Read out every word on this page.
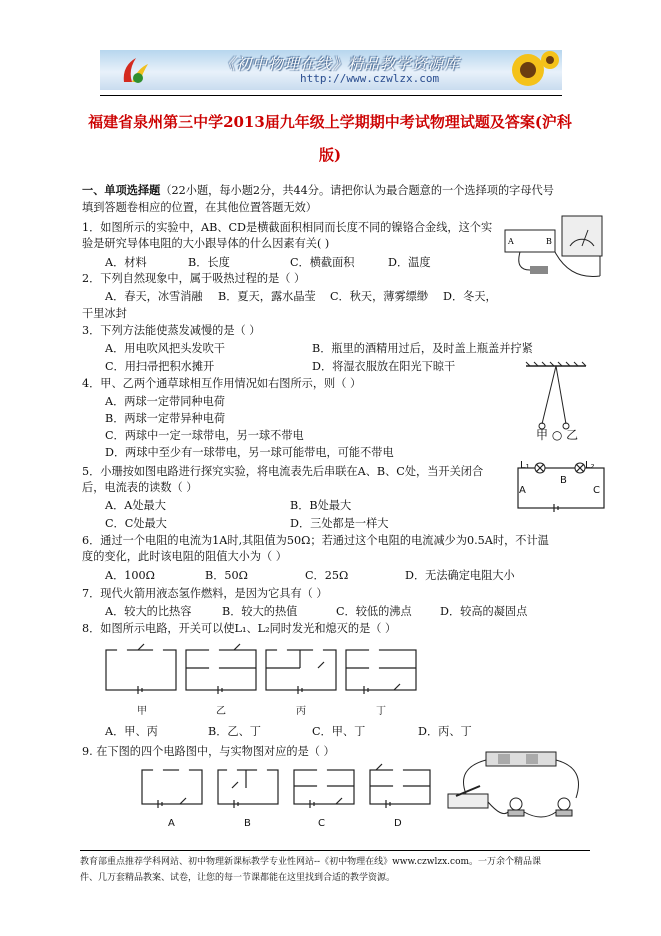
《初中物理在线》精品教学资源库
http://www.czwlzx.com
福建省泉州第三中学2013届九年级上学期期中考试物理试题及答案(沪科
版)
一、单项选择题（22小题，每小题2分，共44分。请把你认为最合题意的一个选择项的字母代号
填到答题卷相应的位置，在其他位置答题无效）
1．如图所示的实验中，AB、CD是横截面积相同而长度不同的镍铬合金线，这个实
验是研究导体电阻的大小跟导体的什么因素有关( )
A．材料	B．长度	C．横截面积	D．温度
A	B
2．下列自然现象中，属于吸热过程的是（ ）
A．春天，冰雪消融 B．夏天，露水晶莹 C．秋天，薄雾缥缈 D．冬天，
干里冰封
3．下列方法能使蒸发减慢的是（ ）
A．用电吹风把头发吹干	B．瓶里的酒精用过后，及时盖上瓶盖并拧紧
C．用扫帚把积水摊开	D．将湿衣服放在阳光下晾干
4．甲、乙两个通草球相互作用情况如右图所示，则（ ）
A．两球一定带同种电荷
B．两球一定带异种电荷
C．两球中一定一球带电，另一球不带电
D．两球中至少有一球带电，另一球可能带电，可能不带电
甲 ○ 乙
5．小珊按如图电路进行探究实验，将电流表先后串联在A、B、C处，当开关闭合
后，电流表的读数（ ）
A．A处最大	B．B处最大
C．C处最大	D．三处都是一样大
L₁	L₂
A
B
C
6．通过一个电阻的电流为1A时,其阻值为50Ω；若通过这个电阻的电流减少为0.5A时，不计温
度的变化，此时该电阻的阻值大小为（ ）
A．100Ω	B．50Ω	C．25Ω	D．无法确定电阻大小
7．现代火箭用液态氢作燃料，是因为它具有（ ）
A．较大的比热容	B．较大的热值	C．较低的沸点	D．较高的凝固点
8．如图所示电路，开关可以使L₁、L₂同时发光和熄灭的是（ ）
甲	乙	丙	丁
A．甲、丙	B．乙、丁	C．甲、丁	D．丙、丁
9. 在下图的四个电路图中，与实物图对应的是（ ）
A	B	C	D
教育部重点推荐学科网站、初中物理新课标教学专业性网站--《初中物理在线》www.czwlzx.com。一万余个精品课
件、几万套精品教案、试卷，让您的每一节课都能在这里找到合适的教学资源。
